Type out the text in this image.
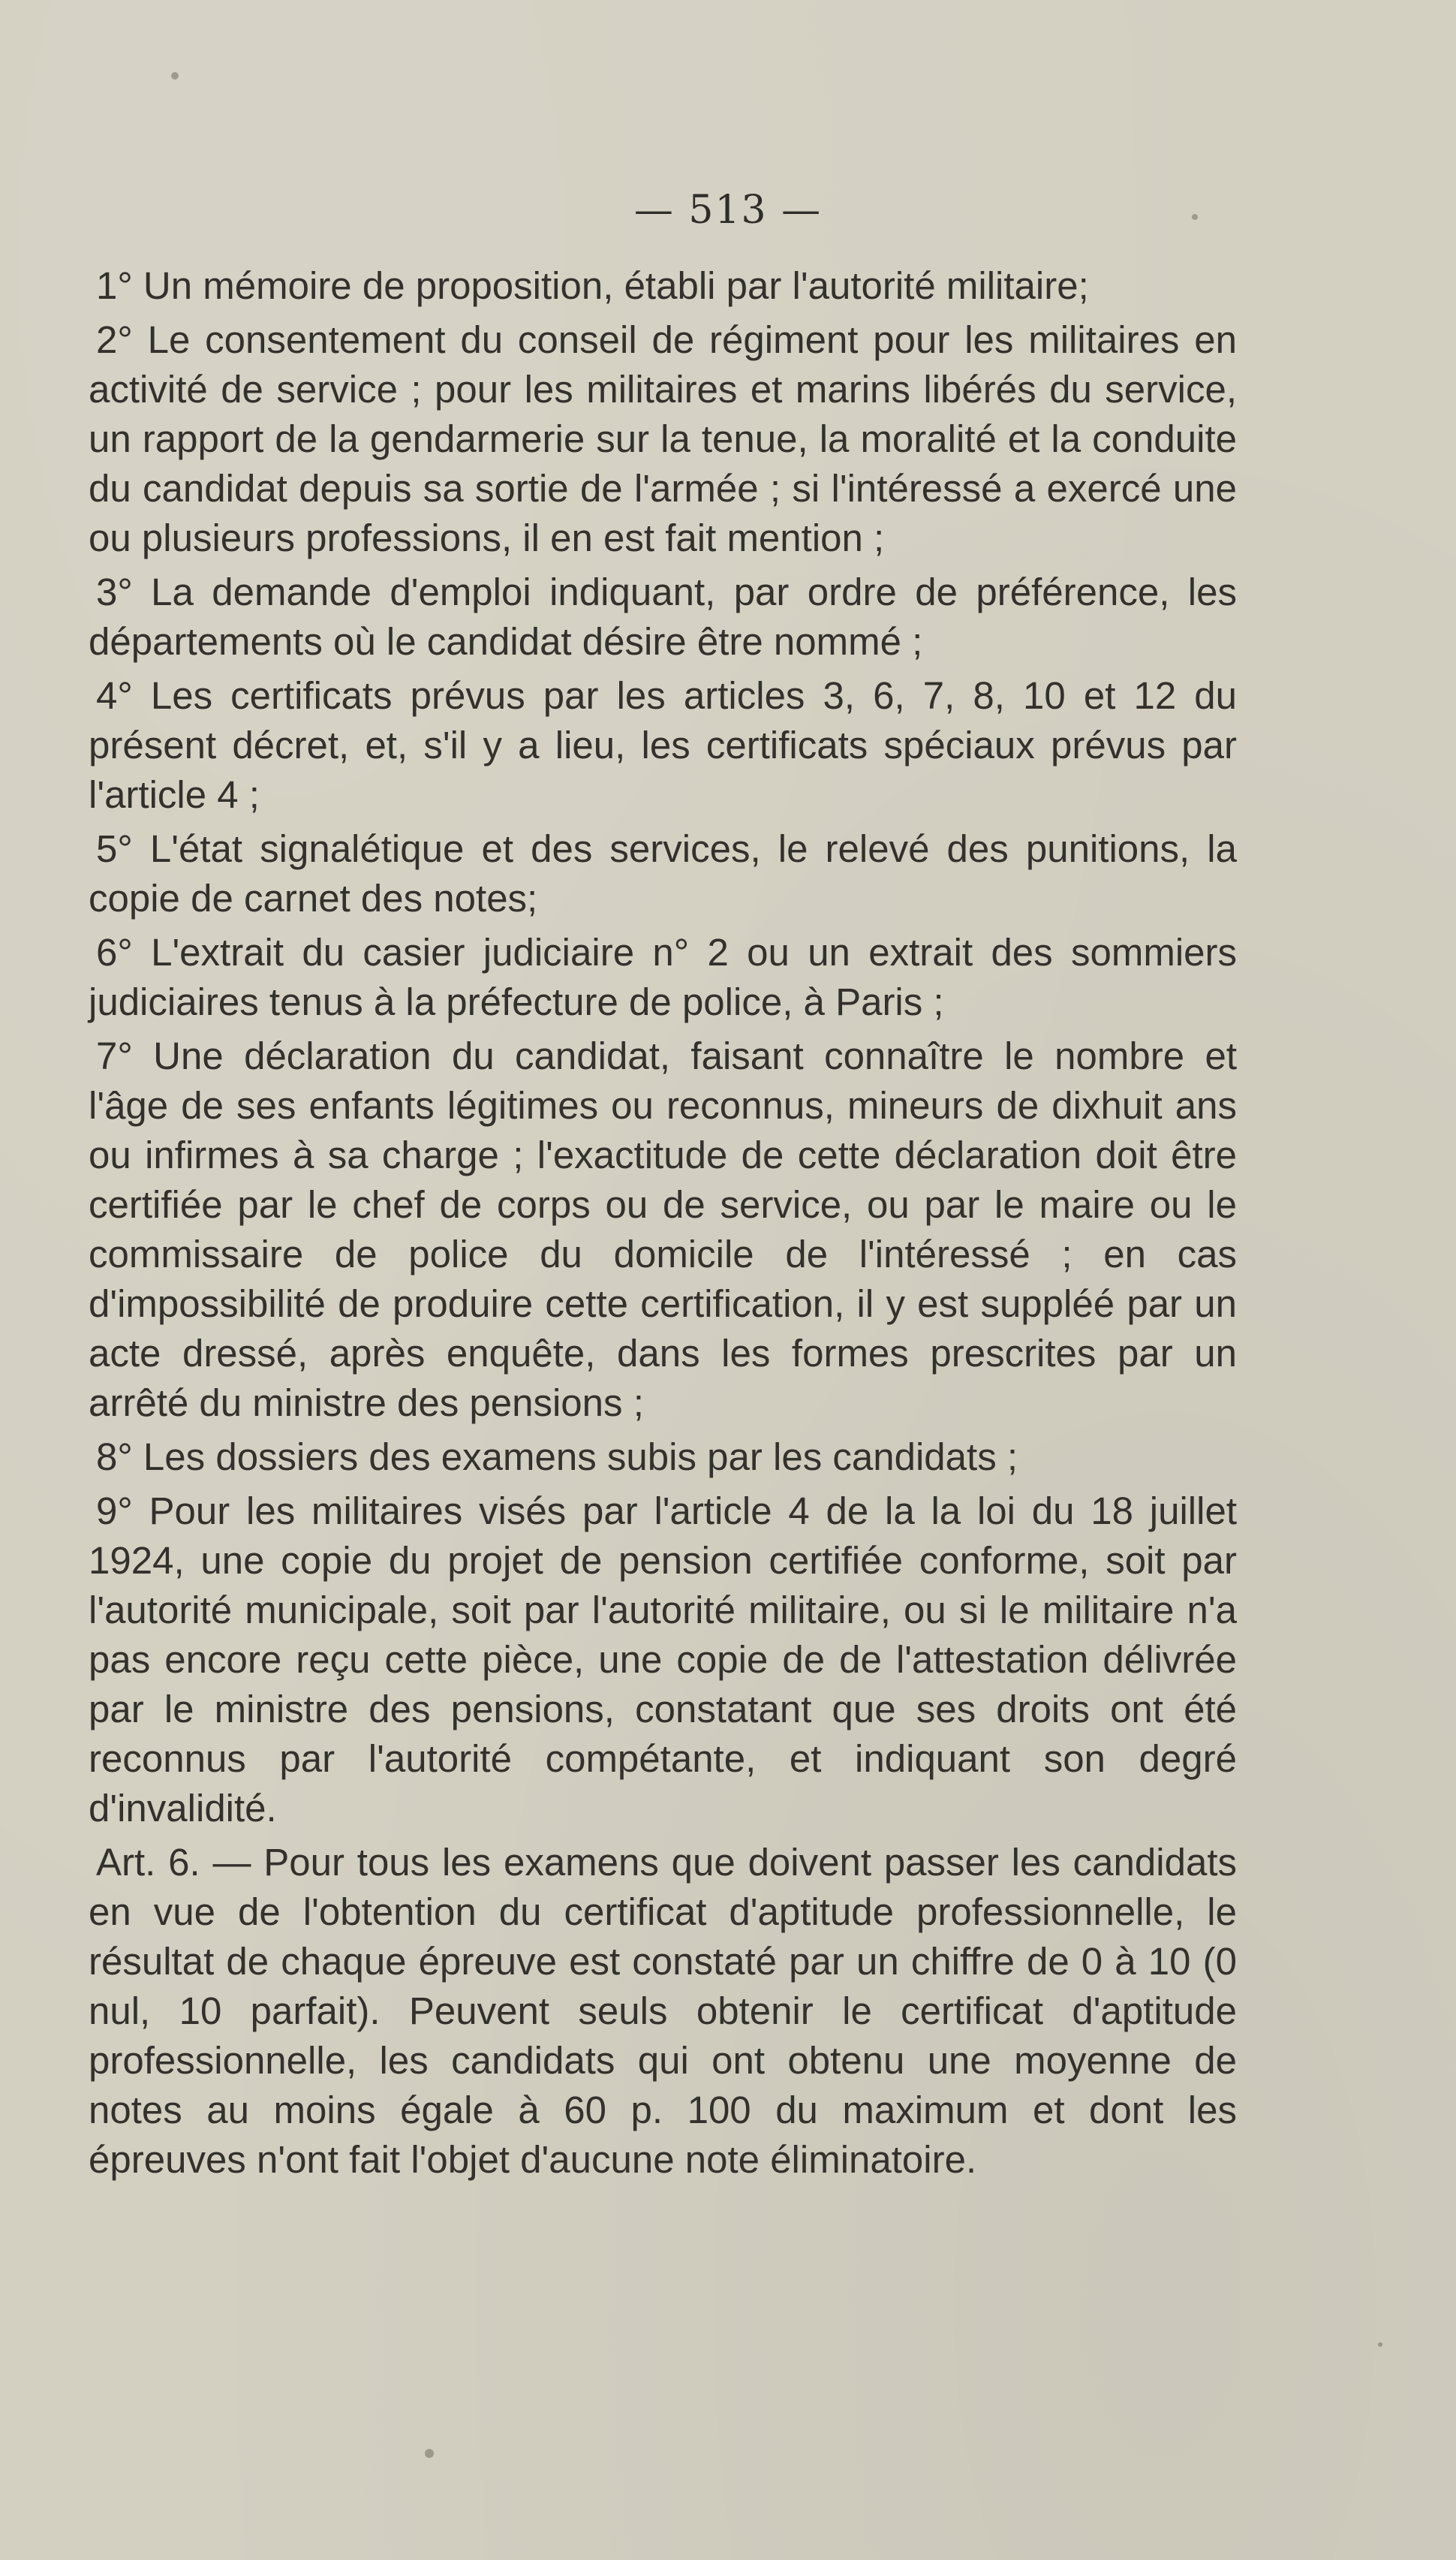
— 513 —

1° Un mémoire de proposition, établi par l'autorité militaire;

2° Le consentement du conseil de régiment pour les militaires en activité de service ; pour les militaires et marins libérés du service, un rapport de la gendarmerie sur la tenue, la moralité et la conduite du candidat depuis sa sortie de l'armée ; si l'intéressé a exercé une ou plusieurs professions, il en est fait mention ;

3° La demande d'emploi indiquant, par ordre de préférence, les départements où le candidat désire être nommé ;

4° Les certificats prévus par les articles 3, 6, 7, 8, 10 et 12 du présent décret, et, s'il y a lieu, les certificats spéciaux prévus par l'article 4 ;

5° L'état signalétique et des services, le relevé des punitions, la copie de carnet des notes;

6° L'extrait du casier judiciaire n° 2 ou un extrait des sommiers judiciaires tenus à la préfecture de police, à Paris ;

7° Une déclaration du candidat, faisant connaître le nombre et l'âge de ses enfants légitimes ou reconnus, mineurs de dixhuit ans ou infirmes à sa charge ; l'exactitude de cette déclaration doit être certifiée par le chef de corps ou de service, ou par le maire ou le commissaire de police du domicile de l'intéressé ; en cas d'impossibilité de produire cette certification, il y est suppléé par un acte dressé, après enquête, dans les formes prescrites par un arrêté du ministre des pensions ;

8° Les dossiers des examens subis par les candidats ;

9° Pour les militaires visés par l'article 4 de la la loi du 18 juillet 1924, une copie du projet de pension certifiée conforme, soit par l'autorité municipale, soit par l'autorité militaire, ou si le militaire n'a pas encore reçu cette pièce, une copie de de l'attestation délivrée par le ministre des pensions, constatant que ses droits ont été reconnus par l'autorité compétante, et indiquant son degré d'invalidité.

Art. 6. — Pour tous les examens que doivent passer les candidats en vue de l'obtention du certificat d'aptitude professionnelle, le résultat de chaque épreuve est constaté par un chiffre de 0 à 10 (0 nul, 10 parfait). Peuvent seuls obtenir le certificat d'aptitude professionnelle, les candidats qui ont obtenu une moyenne de notes au moins égale à 60 p. 100 du maximum et dont les épreuves n'ont fait l'objet d'aucune note éliminatoire.
